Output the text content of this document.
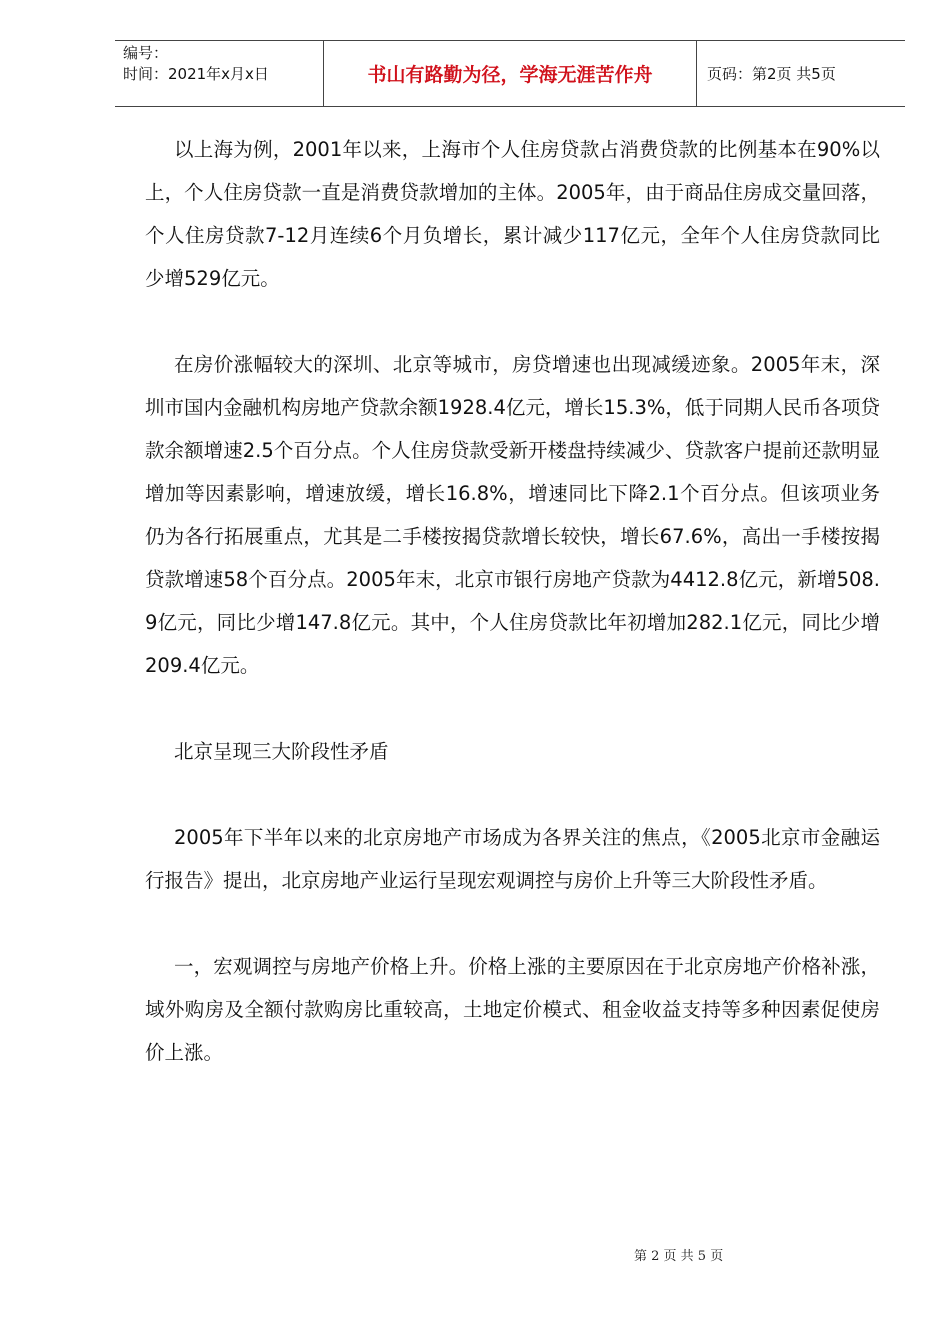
编号：
时间：2021年x月x日	书山有路勤为径，学海无涯苦作舟	页码：第2页 共5页

以上海为例，2001年以来，上海市个人住房贷款占消费贷款的比例基本在90%以上，个人住房贷款一直是消费贷款增加的主体。2005年，由于商品住房成交量回落，个人住房贷款7-12月连续6个月负增长，累计减少117亿元，全年个人住房贷款同比少增529亿元。

在房价涨幅较大的深圳、北京等城市，房贷增速也出现减缓迹象。2005年末，深圳市国内金融机构房地产贷款余额1928.4亿元，增长15.3%，低于同期人民币各项贷款余额增速2.5个百分点。个人住房贷款受新开楼盘持续减少、贷款客户提前还款明显增加等因素影响，增速放缓，增长16.8%，增速同比下降2.1个百分点。但该项业务仍为各行拓展重点，尤其是二手楼按揭贷款增长较快，增长67.6%，高出一手楼按揭贷款增速58个百分点。2005年末，北京市银行房地产贷款为4412.8亿元，新增508.9亿元，同比少增147.8亿元。其中，个人住房贷款比年初增加282.1亿元，同比少增209.4亿元。

北京呈现三大阶段性矛盾

2005年下半年以来的北京房地产市场成为各界关注的焦点，《2005北京市金融运行报告》提出，北京房地产业运行呈现宏观调控与房价上升等三大阶段性矛盾。

一，宏观调控与房地产价格上升。价格上涨的主要原因在于北京房地产价格补涨，域外购房及全额付款购房比重较高，土地定价模式、租金收益支持等多种因素促使房价上涨。

第 2 页 共 5 页
